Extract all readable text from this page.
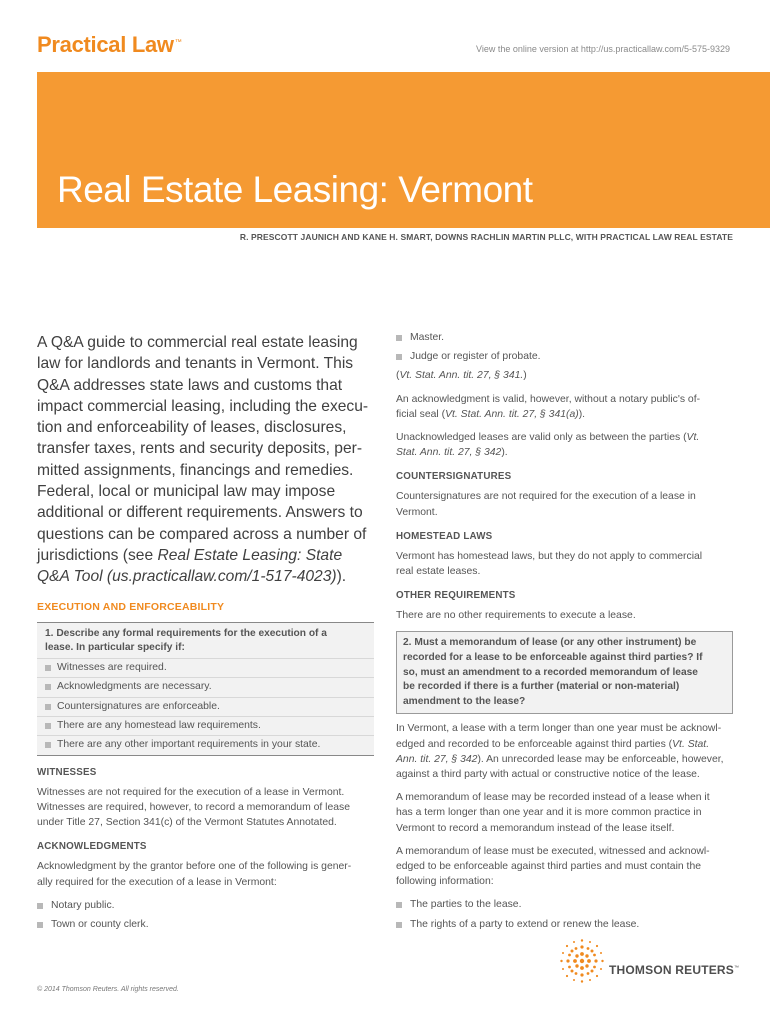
Practical Law™
View the online version at http://us.practicallaw.com/5-575-9329
Real Estate Leasing: Vermont
R. PRESCOTT JAUNICH AND KANE H. SMART, DOWNS RACHLIN MARTIN PLLC, WITH PRACTICAL LAW REAL ESTATE
A Q&A guide to commercial real estate leasing
law for landlords and tenants in Vermont. This
Q&A addresses state laws and customs that
impact commercial leasing, including the execu-
tion and enforceability of leases, disclosures,
transfer taxes, rents and security deposits, per-
mitted assignments, financings and remedies.
Federal, local or municipal law may impose
additional or different requirements. Answers to
questions can be compared across a number of
jurisdictions (see Real Estate Leasing: State Q&A Tool (us.practicallaw.com/1-517-4023)).
EXECUTION AND ENFORCEABILITY
1. Describe any formal requirements for the execution of a
lease. In particular specify if:
Witnesses are required.
Acknowledgments are necessary.
Countersignatures are enforceable.
There are any homestead law requirements.
There are any other important requirements in your state.
WITNESSES
Witnesses are not required for the execution of a lease in Vermont.
Witnesses are required, however, to record a memorandum of lease
under Title 27, Section 341(c) of the Vermont Statutes Annotated.
ACKNOWLEDGMENTS
Acknowledgment by the grantor before one of the following is gener-
ally required for the execution of a lease in Vermont:
Notary public.
Town or county clerk.
Master.
Judge or register of probate.
(Vt. Stat. Ann. tit. 27, § 341.)
An acknowledgment is valid, however, without a notary public's of-
ficial seal (Vt. Stat. Ann. tit. 27, § 341(a)).
Unacknowledged leases are valid only as between the parties (Vt.
Stat. Ann. tit. 27, § 342).
COUNTERSIGNATURES
Countersignatures are not required for the execution of a lease in
Vermont.
HOMESTEAD LAWS
Vermont has homestead laws, but they do not apply to commercial
real estate leases.
OTHER REQUIREMENTS
There are no other requirements to execute a lease.
2. Must a memorandum of lease (or any other instrument) be
recorded for a lease to be enforceable against third parties? If
so, must an amendment to a recorded memorandum of lease
be recorded if there is a further (material or non-material)
amendment to the lease?
In Vermont, a lease with a term longer than one year must be acknowl-
edged and recorded to be enforceable against third parties (Vt. Stat.
Ann. tit. 27, § 342). An unrecorded lease may be enforceable, however,
against a third party with actual or constructive notice of the lease.
A memorandum of lease may be recorded instead of a lease when it
has a term longer than one year and it is more common practice in
Vermont to record a memorandum instead of the lease itself.
A memorandum of lease must be executed, witnessed and acknowl-
edged to be enforceable against third parties and must contain the
following information:
The parties to the lease.
The rights of a party to extend or renew the lease.
© 2014 Thomson Reuters. All rights reserved.
THOMSON REUTERS™
